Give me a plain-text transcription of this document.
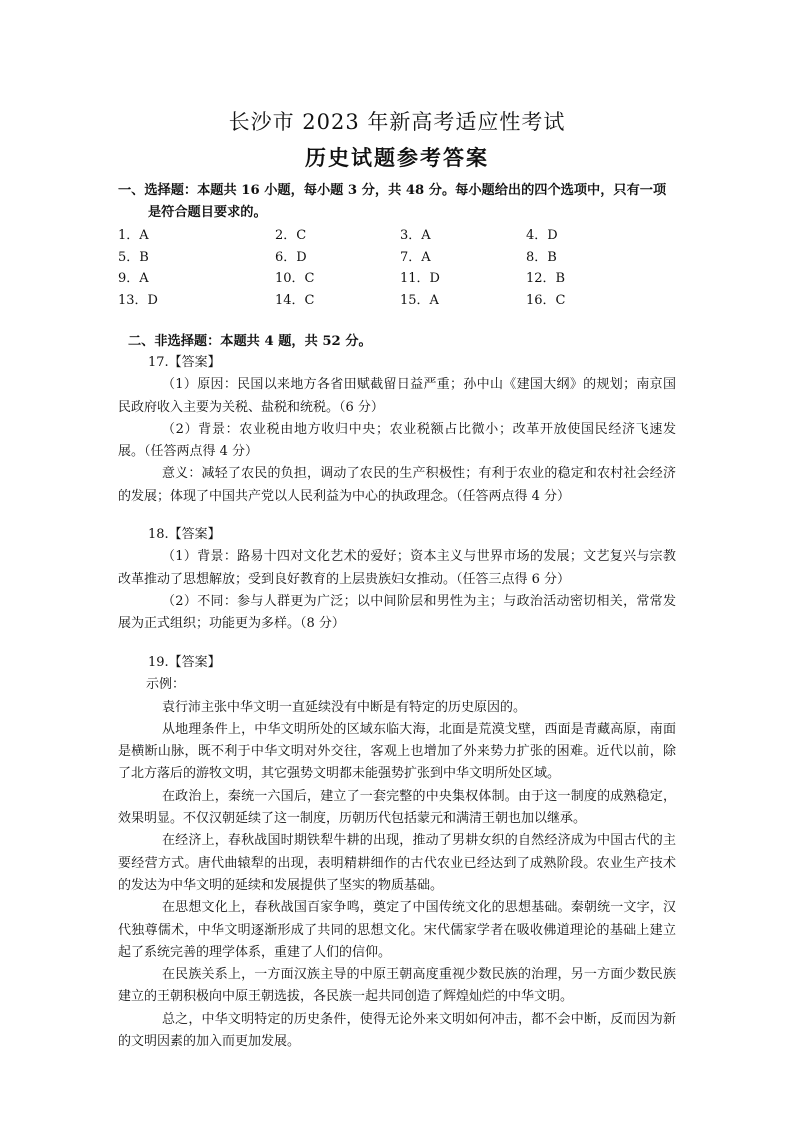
长沙市 2023 年新高考适应性考试
历史试题参考答案
一、选择题：本题共 16 小题，每小题 3 分，共 48 分。每小题给出的四个选项中，只有一项
是符合题目要求的。
1．A	2．C	3．A	4．D
5．B	6．D	7．A	8．B
9．A	10．C	11．D	12．B
13．D	14．C	15．A	16．C
二、非选择题：本题共 4 题，共 52 分。

17.【答案】

（1）原因：民国以来地方各省田赋截留日益严重；孙中山《建国大纲》的规划；南京国民政府收入主要为关税、盐税和统税。（6 分）

（2）背景：农业税由地方收归中央；农业税额占比微小；改革开放使国民经济飞速发展。（任答两点得 4 分）

意义：减轻了农民的负担，调动了农民的生产积极性；有利于农业的稳定和农村社会经济的发展；体现了中国共产党以人民利益为中心的执政理念。（任答两点得 4 分）

18.【答案】

（1）背景：路易十四对文化艺术的爱好；资本主义与世界市场的发展；文艺复兴与宗教改革推动了思想解放；受到良好教育的上层贵族妇女推动。（任答三点得 6 分）

（2）不同：参与人群更为广泛；以中间阶层和男性为主；与政治活动密切相关，常常发展为正式组织；功能更为多样。（8 分）

19.【答案】

示例：

袁行沛主张中华文明一直延续没有中断是有特定的历史原因的。

从地理条件上，中华文明所处的区域东临大海，北面是荒漠戈壁，西面是青藏高原，南面是横断山脉，既不利于中华文明对外交往，客观上也增加了外来势力扩张的困难。近代以前，除了北方落后的游牧文明，其它强势文明都未能强势扩张到中华文明所处区域。

在政治上，秦统一六国后，建立了一套完整的中央集权体制。由于这一制度的成熟稳定，效果明显。不仅汉朝延续了这一制度，历朝历代包括蒙元和满清王朝也加以继承。

在经济上，春秋战国时期铁犁牛耕的出现，推动了男耕女织的自然经济成为中国古代的主要经营方式。唐代曲辕犁的出现，表明精耕细作的古代农业已经达到了成熟阶段。农业生产技术的发达为中华文明的延续和发展提供了坚实的物质基础。

在思想文化上，春秋战国百家争鸣，奠定了中国传统文化的思想基础。秦朝统一文字，汉代独尊儒术，中华文明逐渐形成了共同的思想文化。宋代儒家学者在吸收佛道理论的基础上建立起了系统完善的理学体系，重建了人们的信仰。

在民族关系上，一方面汉族主导的中原王朝高度重视少数民族的治理，另一方面少数民族建立的王朝积极向中原王朝选拔，各民族一起共同创造了辉煌灿烂的中华文明。

总之，中华文明特定的历史条件，使得无论外来文明如何冲击，都不会中断，反而因为新的文明因素的加入而更加发展。
